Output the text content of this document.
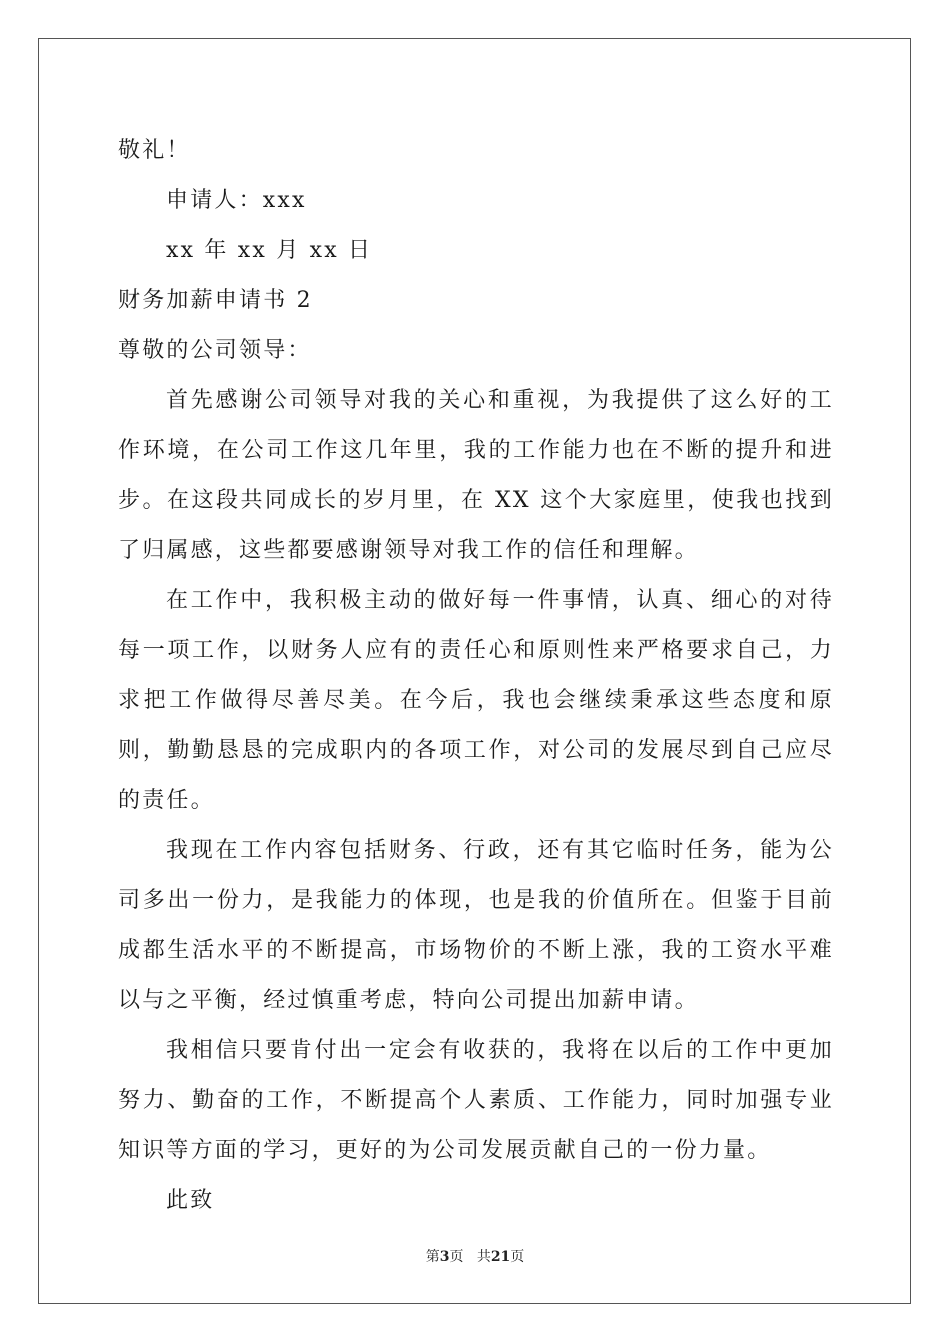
敬礼！
申请人：xxx
xx 年 xx 月 xx 日
财务加薪申请书 2
尊敬的公司领导：
首先感谢公司领导对我的关心和重视，为我提供了这么好的工作环境，在公司工作这几年里，我的工作能力也在不断的提升和进步。在这段共同成长的岁月里，在 XX 这个大家庭里，使我也找到了归属感，这些都要感谢领导对我工作的信任和理解。
在工作中，我积极主动的做好每一件事情，认真、细心的对待每一项工作，以财务人应有的责任心和原则性来严格要求自己，力求把工作做得尽善尽美。在今后，我也会继续秉承这些态度和原则，勤勤恳恳的完成职内的各项工作，对公司的发展尽到自己应尽的责任。
我现在工作内容包括财务、行政，还有其它临时任务，能为公司多出一份力，是我能力的体现，也是我的价值所在。但鉴于目前成都生活水平的不断提高，市场物价的不断上涨，我的工资水平难以与之平衡，经过慎重考虑，特向公司提出加薪申请。
我相信只要肯付出一定会有收获的，我将在以后的工作中更加努力、勤奋的工作，不断提高个人素质、工作能力，同时加强专业知识等方面的学习，更好的为公司发展贡献自己的一份力量。
此致
第3页 共21页
